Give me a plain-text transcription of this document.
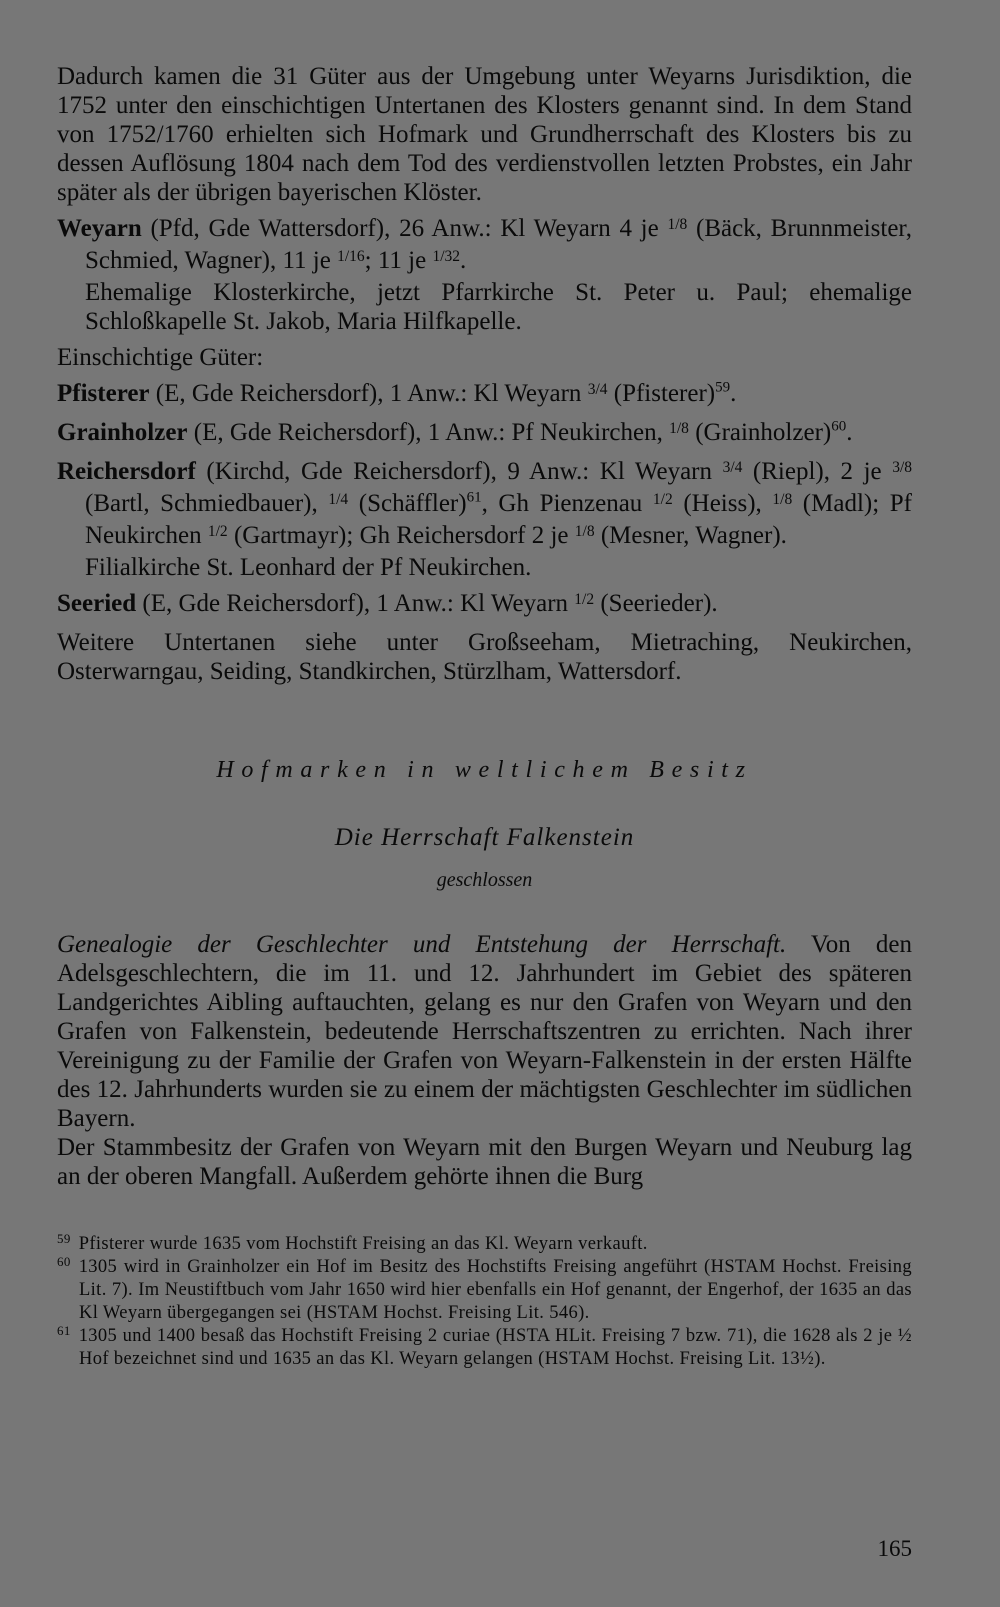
Dadurch kamen die 31 Güter aus der Umgebung unter Weyarns Jurisdiktion, die 1752 unter den einschichtigen Untertanen des Klosters genannt sind. In dem Stand von 1752/1760 erhielten sich Hofmark und Grundherrschaft des Klosters bis zu dessen Auflösung 1804 nach dem Tod des verdienstvollen letzten Probstes, ein Jahr später als der übrigen bayerischen Klöster.

Weyarn (Pfd, Gde Wattersdorf), 26 Anw.: Kl Weyarn 4 je $^{1/8}$ (Bäck, Brunnmeister, Schmied, Wagner), 11 je $^{1/16}$; 11 je $^{1/32}$.
Ehemalige Klosterkirche, jetzt Pfarrkirche St. Peter u. Paul; ehemalige Schloßkapelle St. Jakob, Maria Hilfkapelle.

Einschichtige Güter:

Pfisterer (E, Gde Reichersdorf), 1 Anw.: Kl Weyarn $^{3/4}$ (Pfisterer)$^{59}$.

Grainholzer (E, Gde Reichersdorf), 1 Anw.: Pf Neukirchen, $^{1/8}$ (Grainholzer)$^{60}$.

Reichersdorf (Kirchd, Gde Reichersdorf), 9 Anw.: Kl Weyarn $^{3/4}$ (Riepl), 2 je $^{3/8}$ (Bartl, Schmiedbauer), $^{1/4}$ (Schäffler)$^{61}$, Gh Pienzenau $^{1/2}$ (Heiss), $^{1/8}$ (Madl); Pf Neukirchen $^{1/2}$ (Gartmayr); Gh Reichersdorf 2 je $^{1/8}$ (Mesner, Wagner).
Filialkirche St. Leonhard der Pf Neukirchen.

Seeried (E, Gde Reichersdorf), 1 Anw.: Kl Weyarn $^{1/2}$ (Seerieder).

Weitere Untertanen siehe unter Großseeham, Mietraching, Neukirchen, Osterwarngau, Seiding, Standkirchen, Stürzlham, Wattersdorf.

Hofmarken in weltlichem Besitz
Die Herrschaft Falkenstein
geschlossen

Genealogie der Geschlechter und Entstehung der Herrschaft. Von den Adelsgeschlechtern, die im 11. und 12. Jahrhundert im Gebiet des späteren Landgerichtes Aibling auftauchten, gelang es nur den Grafen von Weyarn und den Grafen von Falkenstein, bedeutende Herrschaftszentren zu errichten. Nach ihrer Vereinigung zu der Familie der Grafen von Weyarn-Falkenstein in der ersten Hälfte des 12. Jahrhunderts wurden sie zu einem der mächtigsten Geschlechter im südlichen Bayern.

Der Stammbesitz der Grafen von Weyarn mit den Burgen Weyarn und Neuburg lag an der oberen Mangfall. Außerdem gehörte ihnen die Burg

$^{59}$ Pfisterer wurde 1635 vom Hochstift Freising an das Kl. Weyarn verkauft.

$^{60}$ 1305 wird in Grainholzer ein Hof im Besitz des Hochstifts Freising angeführt (HSTAM Hochst. Freising Lit. 7). Im Neustiftbuch vom Jahr 1650 wird hier ebenfalls ein Hof genannt, der Engerhof, der 1635 an das Kl Weyarn übergegangen sei (HSTAM Hochst. Freising Lit. 546).

$^{61}$ 1305 und 1400 besaß das Hochstift Freising 2 curiae (HSTA HLit. Freising 7 bzw. 71), die 1628 als 2 je ½ Hof bezeichnet sind und 1635 an das Kl. Weyarn gelangen (HSTAM Hochst. Freising Lit. 13½).

165
